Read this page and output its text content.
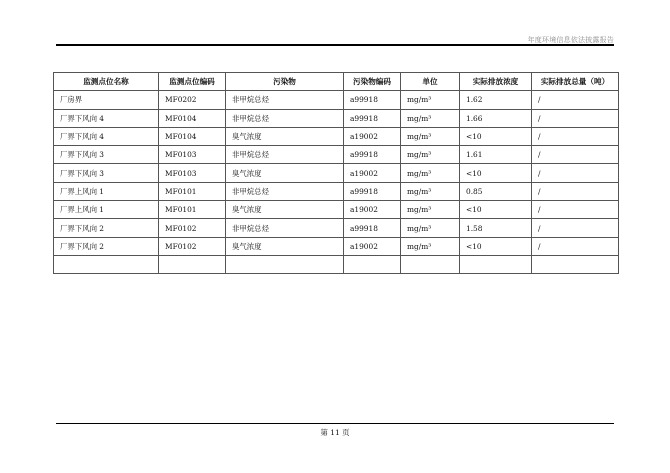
年度环境信息依法披露报告
监测点位名称	监测点位编码	污染物	污染物编码	单位	实际排放浓度	实际排放总量（吨）
厂房界	MF0202	非甲烷总烃	a99918	mg/m³	1.62	/
厂界下风向 4	MF0104	非甲烷总烃	a99918	mg/m³	1.66	/
厂界下风向 4	MF0104	臭气浓度	a19002	mg/m³	<10	/
厂界下风向 3	MF0103	非甲烷总烃	a99918	mg/m³	1.61	/
厂界下风向 3	MF0103	臭气浓度	a19002	mg/m³	<10	/
厂界上风向 1	MF0101	非甲烷总烃	a99918	mg/m³	0.85	/
厂界上风向 1	MF0101	臭气浓度	a19002	mg/m³	<10	/
厂界下风向 2	MF0102	非甲烷总烃	a99918	mg/m³	1.58	/
厂界下风向 2	MF0102	臭气浓度	a19002	mg/m³	<10	/

第 11 页
